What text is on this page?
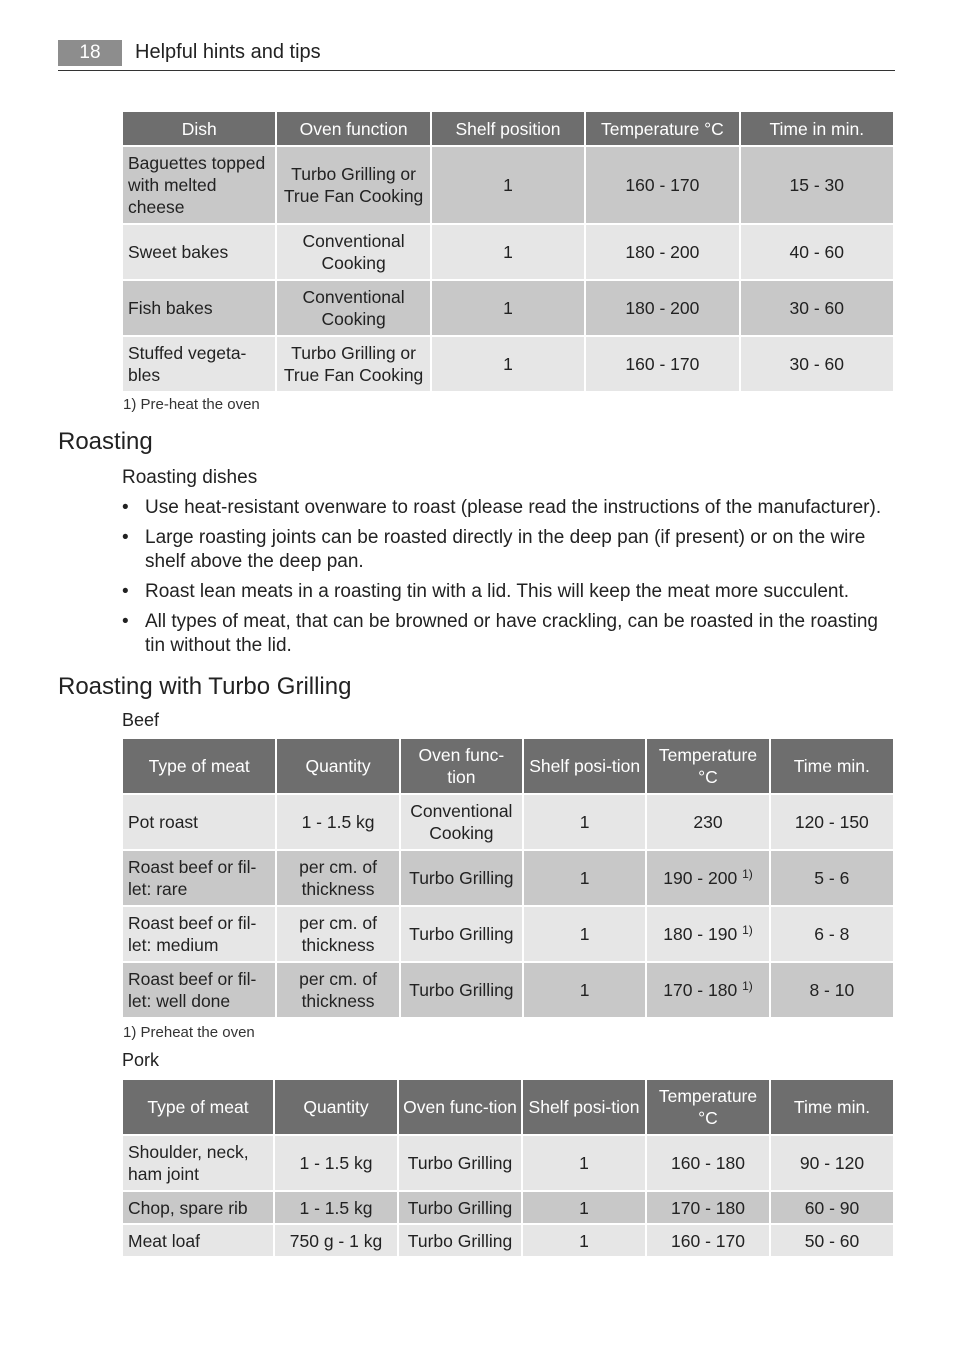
18	Helpful hints and tips
Dish	Oven function	Shelf position	Temperature °C	Time in min.
Baguettes topped with melted cheese	Turbo Grilling or True Fan Cooking	1	160 - 170	15 - 30
Sweet bakes	Conventional Cooking	1	180 - 200	40 - 60
Fish bakes	Conventional Cooking	1	180 - 200	30 - 60
Stuffed vegeta-bles	Turbo Grilling or True Fan Cooking	1	160 - 170	30 - 60
1) Pre-heat the oven
Roasting
Roasting dishes
• Use heat-resistant ovenware to roast (please read the instructions of the manufacturer).
• Large roasting joints can be roasted directly in the deep pan (if present) or on the wire shelf above the deep pan.
• Roast lean meats in a roasting tin with a lid. This will keep the meat more succulent.
• All types of meat, that can be browned or have crackling, can be roasted in the roasting tin without the lid.
Roasting with Turbo Grilling
Beef
Type of meat	Quantity	Oven func-tion	Shelf posi-tion	Temperature °C	Time min.
Pot roast	1 - 1.5 kg	Conventional Cooking	1	230	120 - 150
Roast beef or fil-let: rare	per cm. of thickness	Turbo Grilling	1	190 - 200 $^{1)}$	5 - 6
Roast beef or fil-let: medium	per cm. of thickness	Turbo Grilling	1	180 - 190 $^{1)}$	6 - 8
Roast beef or fil-let: well done	per cm. of thickness	Turbo Grilling	1	170 - 180 $^{1)}$	8 - 10
1) Preheat the oven
Pork
Type of meat	Quantity	Oven func-tion	Shelf posi-tion	Temperature °C	Time min.
Shoulder, neck, ham joint	1 - 1.5 kg	Turbo Grilling	1	160 - 180	90 - 120
Chop, spare rib	1 - 1.5 kg	Turbo Grilling	1	170 - 180	60 - 90
Meat loaf	750 g - 1 kg	Turbo Grilling	1	160 - 170	50 - 60
